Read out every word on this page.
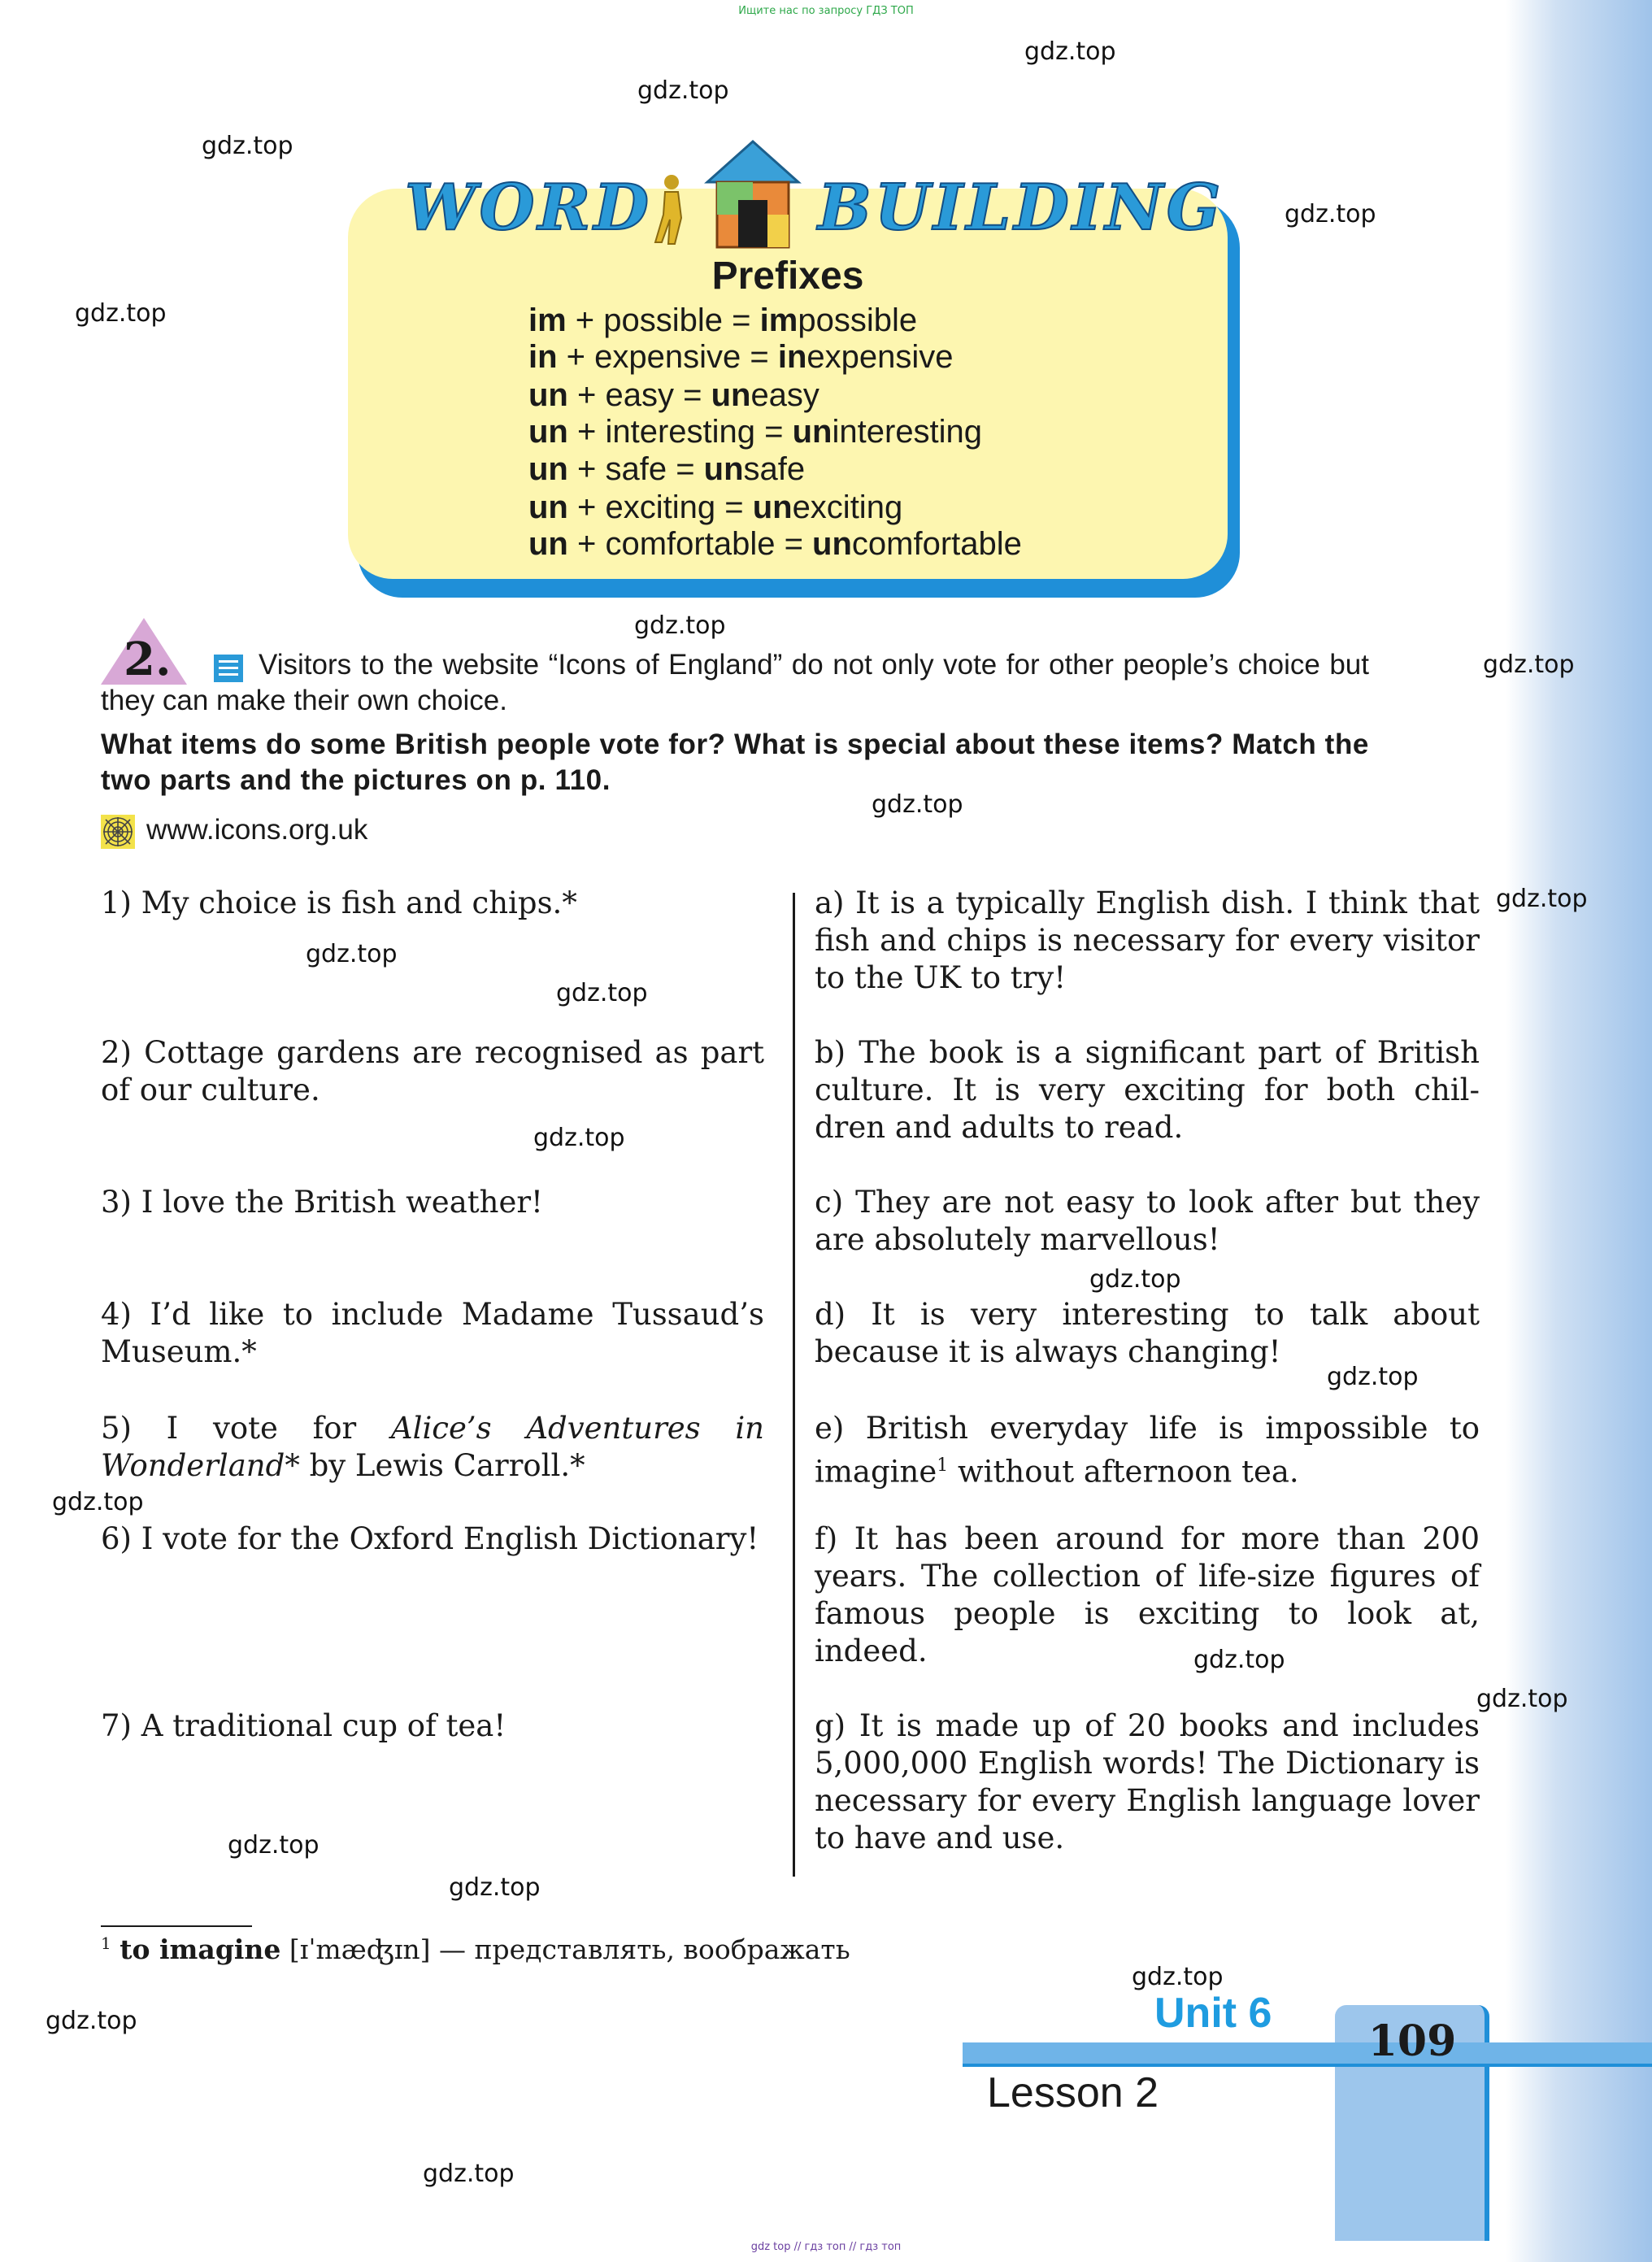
Ищите нас по запросу ГДЗ ТОП
gdz.top
gdz.top
gdz.top
gdz.top
gdz.top
gdz.top
gdz.top
gdz.top
gdz.top
gdz.top
gdz.top
gdz.top
gdz.top
gdz.top
gdz.top
gdz.top
gdz.top
gdz.top
gdz.top
gdz.top
gdz.top
gdz.top
WORD	BUILDING
Prefixes
im + possible = impossible
in + expensive = inexpensive
un + easy = uneasy
un + interesting = uninteresting
un + safe = unsafe
un + exciting = unexciting
un + comfortable = uncomfortable
2.	Visitors to the website “Icons of England” do not only vote for other people’s choice but they can make their own choice.
What items do some British people vote for? What is special about these items? Match the two parts and the pictures on p. 110.
www.icons.org.uk
1) My choice is fish and chips.*
2) Cottage gardens are recognised as part of our culture.
3) I love the British weather!
4) I’d like to include Madame Tussaud’s Museum.*
5) I vote for Alice’s Adventures in Wonderland* by Lewis Carroll.*
6) I vote for the Oxford English Dictionary!
7) A traditional cup of tea!
a) It is a typically English dish. I think that fish and chips is necessary for every visitor to the UK to try!
b) The book is a significant part of British culture. It is very exciting for both chil-dren and adults to read.
c) They are not easy to look after but they are absolutely marvellous!
d) It is very interesting to talk about because it is always changing!
e) British everyday life is impossible to imagine$^1$ without afternoon tea.
f) It has been around for more than 200 years. The collection of life-size figures of famous people is exciting to look at, indeed.
g) It is made up of 20 books and includes 5,000,000 English words! The Dictionary is necessary for every English language lover to have and use.
$^1$ to imagine [ɪˈmæʤɪn] — представлять, воображать
Unit 6
Lesson 2
109
gdz top // гдз топ // гдз топ
